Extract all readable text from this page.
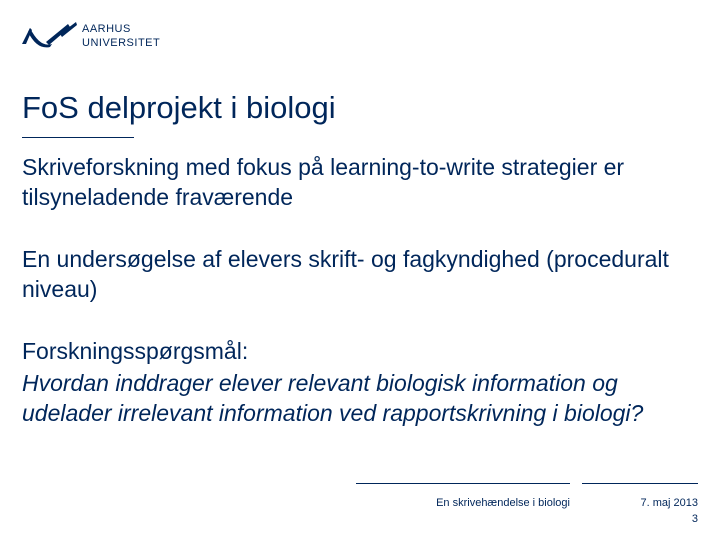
AARHUS
UNIVERSITET
FoS delprojekt i biologi

Skriveforskning med fokus på learning-to-write strategier er tilsyneladende fraværende

En undersøgelse af elevers skrift- og fagkyndighed (proceduralt niveau)

Forskningsspørgsmål:

Hvordan inddrager elever relevant biologisk information og udelader irrelevant information ved rapportskrivning i biologi?

En skrivehændelse i biologi	7. maj 2013
3
